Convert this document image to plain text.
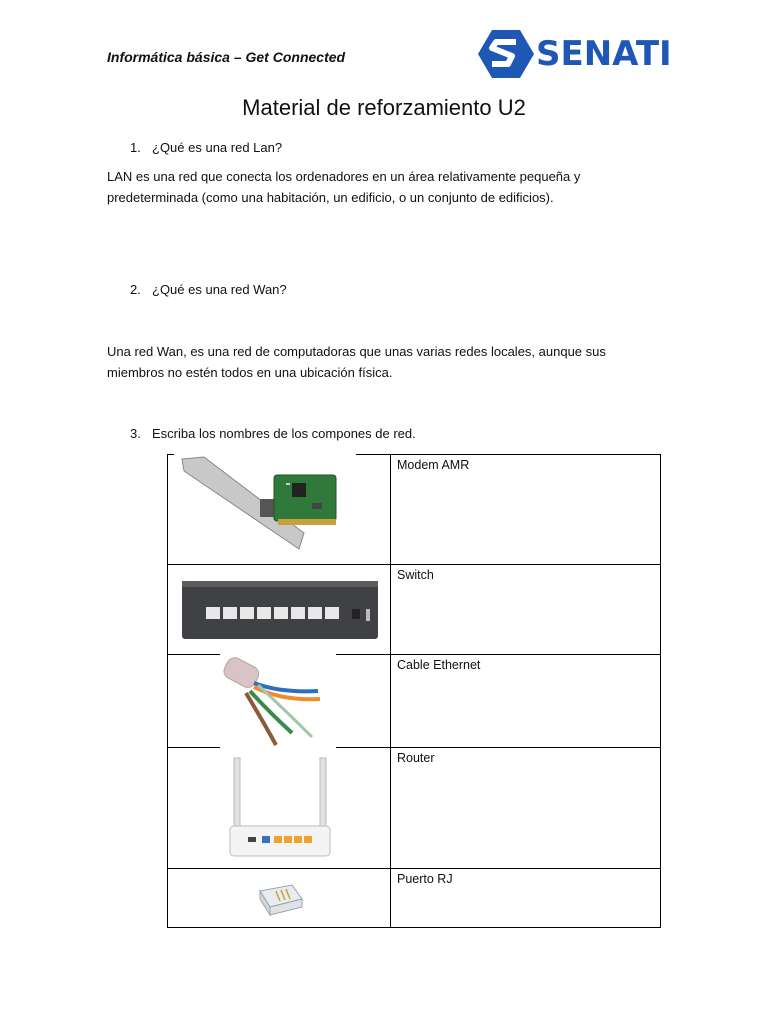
Informática básica – Get Connected	SENATI
Material de reforzamiento U2
1. ¿Qué es una red Lan?
LAN es una red que conecta los ordenadores en un área relativamente pequeña y predeterminada (como una habitación, un edificio, o un conjunto de edificios).
2. ¿Qué es una red Wan?
Una red Wan, es una red de computadoras que unas varias redes locales, aunque sus miembros no estén todos en una ubicación física.
3. Escriba los nombres de los compones de red.
	Modem AMR

	Switch

	Cable Ethernet

	Router

	Puerto RJ
